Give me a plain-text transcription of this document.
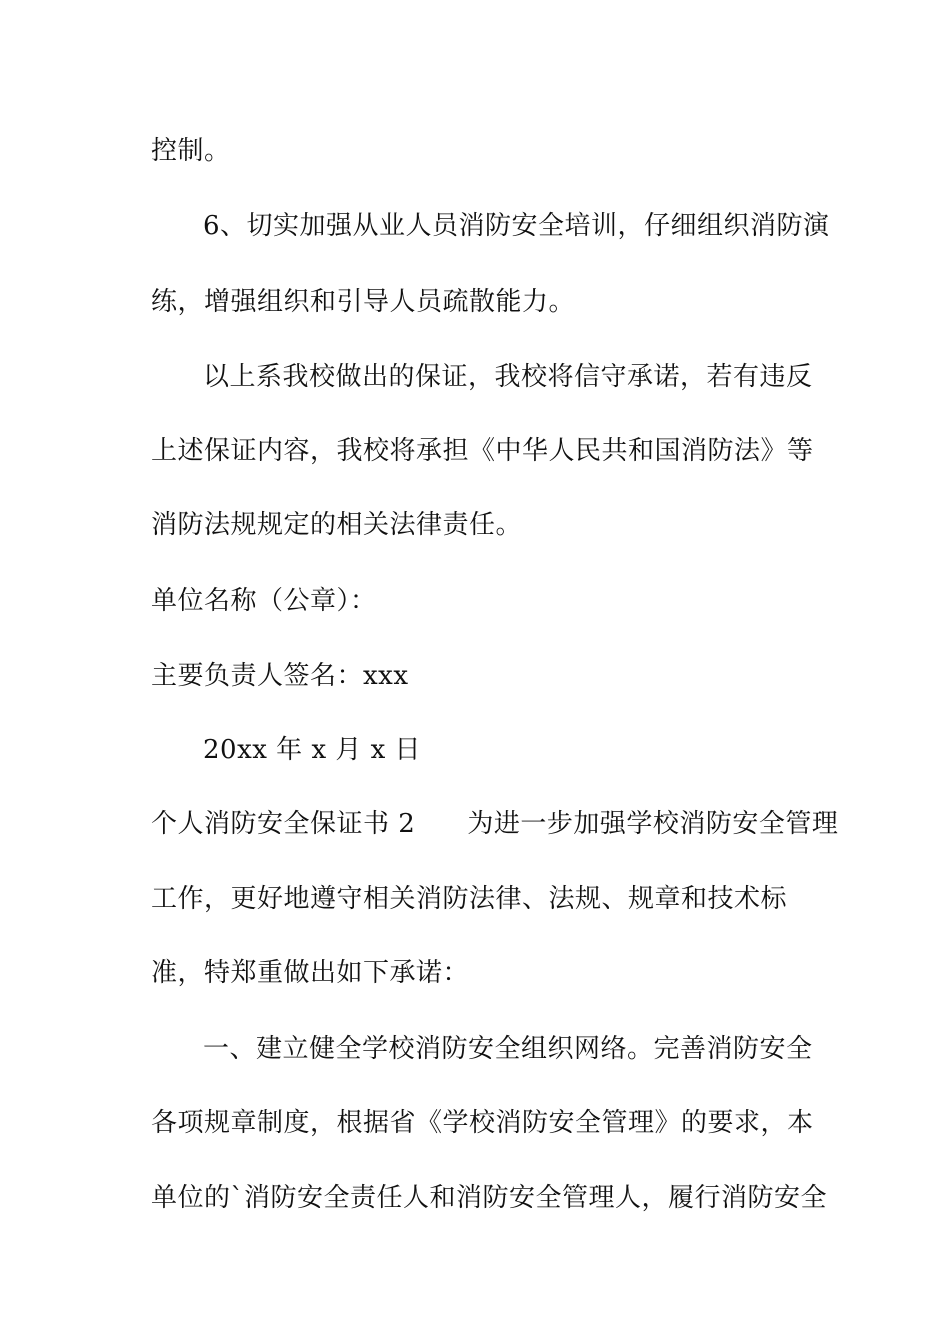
控制。
6、切实加强从业人员消防安全培训，仔细组织消防演
练，增强组织和引导人员疏散能力。
以上系我校做出的保证，我校将信守承诺，若有违反
上述保证内容，我校将承担《中华人民共和国消防法》等
消防法规规定的相关法律责任。
单位名称（公章）：
主要负责人签名：xxx
20xx 年 x 月 x 日
个人消防安全保证书 2 为进一步加强学校消防安全管理
工作，更好地遵守相关消防法律、法规、规章和技术标
准，特郑重做出如下承诺：
一、建立健全学校消防安全组织网络。完善消防安全
各项规章制度，根据省《学校消防安全管理》的要求，本
单位的`消防安全责任人和消防安全管理人，履行消防安全
